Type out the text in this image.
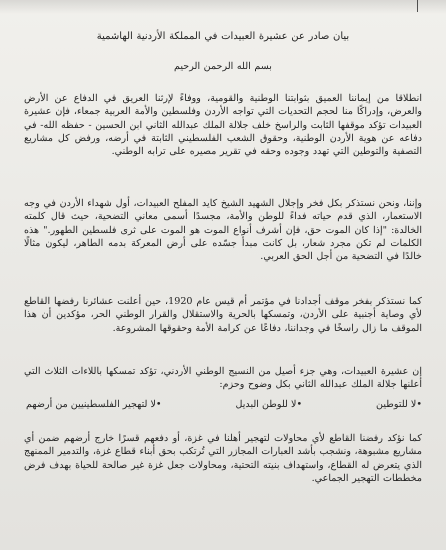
بيان صادر عن عشيرة العبيدات في المملكة الأردنية الهاشمية
بسم الله الرحمن الرحيم

انطلاقا من إيماننا العميق بثوابتنا الوطنية والقومية، ووفاءً لإرثنا العريق في الدفاع عن الأرض والعرض، وإدراكًا منا لحجم التحديات التي تواجه الأردن وفلسطين والأمة العربية جمعاء، فإن عشيرة العبيدات تؤكد موقفها الثابت والراسخ خلف جلالة الملك عبدالله الثاني ابن الحسين - حفظه الله- في دفاعه عن هوية الأردن الوطنية، وحقوق الشعب الفلسطيني الثابتة في أرضه، ورفض كل مشاريع التصفية والتوطين التي تهدد وجوده وحقه في تقرير مصيره على ترابه الوطني.

وإننا، ونحن نستذكر بكل فخر وإجلال الشهيد الشيخ كايد المفلح العبيدات، أول شهداء الأردن في وجه الاستعمار، الذي قدم حياته فداءً للوطن والأمة، مجسدًا أسمى معاني التضحية، حيث قال كلمته الخالدة: "إذا كان الموت حق، فإن أشرف أنواع الموت هو الموت على ثرى فلسطين الطهور." هذه الكلمات لم تكن مجرد شعار، بل كانت مبدأ جسّده على أرض المعركة بدمه الطاهر، ليكون مثالًا خالدًا في التضحية من أجل الحق العربي.

كما نستذكر بفخر موقف أجدادنا في مؤتمر أم قيس عام 1920، حين أعلنت عشائرنا رفضها القاطع لأي وصاية أجنبية على الأردن، وتمسكها بالحرية والاستقلال والقرار الوطني الحر، مؤكدين أن هذا الموقف ما زال راسخًا في وجداننا، دفاعًا عن كرامة الأمة وحقوقها المشروعة.

إن عشيرة العبيدات، وهي جزء أصيل من النسيج الوطني الأردني، تؤكد تمسكها باللاءات الثلاث التي أعلنها جلالة الملك عبدالله الثاني بكل وضوح وحزم:

•لا للتوطين
•لا للوطن البديل
•لا لتهجير الفلسطينيين من أرضهم

كما نؤكد رفضنا القاطع لأي محاولات لتهجير أهلنا في غزة، أو دفعهم قسرًا خارج أرضهم ضمن أي مشاريع مشبوهة، ونشجب بأشد العبارات المجازر التي تُرتكب بحق أبناء قطاع غزة، والتدمير الممنهج الذي يتعرض له القطاع، واستهداف بنيته التحتية، ومحاولات جعل غزة غير صالحة للحياة بهدف فرض مخططات التهجير الجماعي.
